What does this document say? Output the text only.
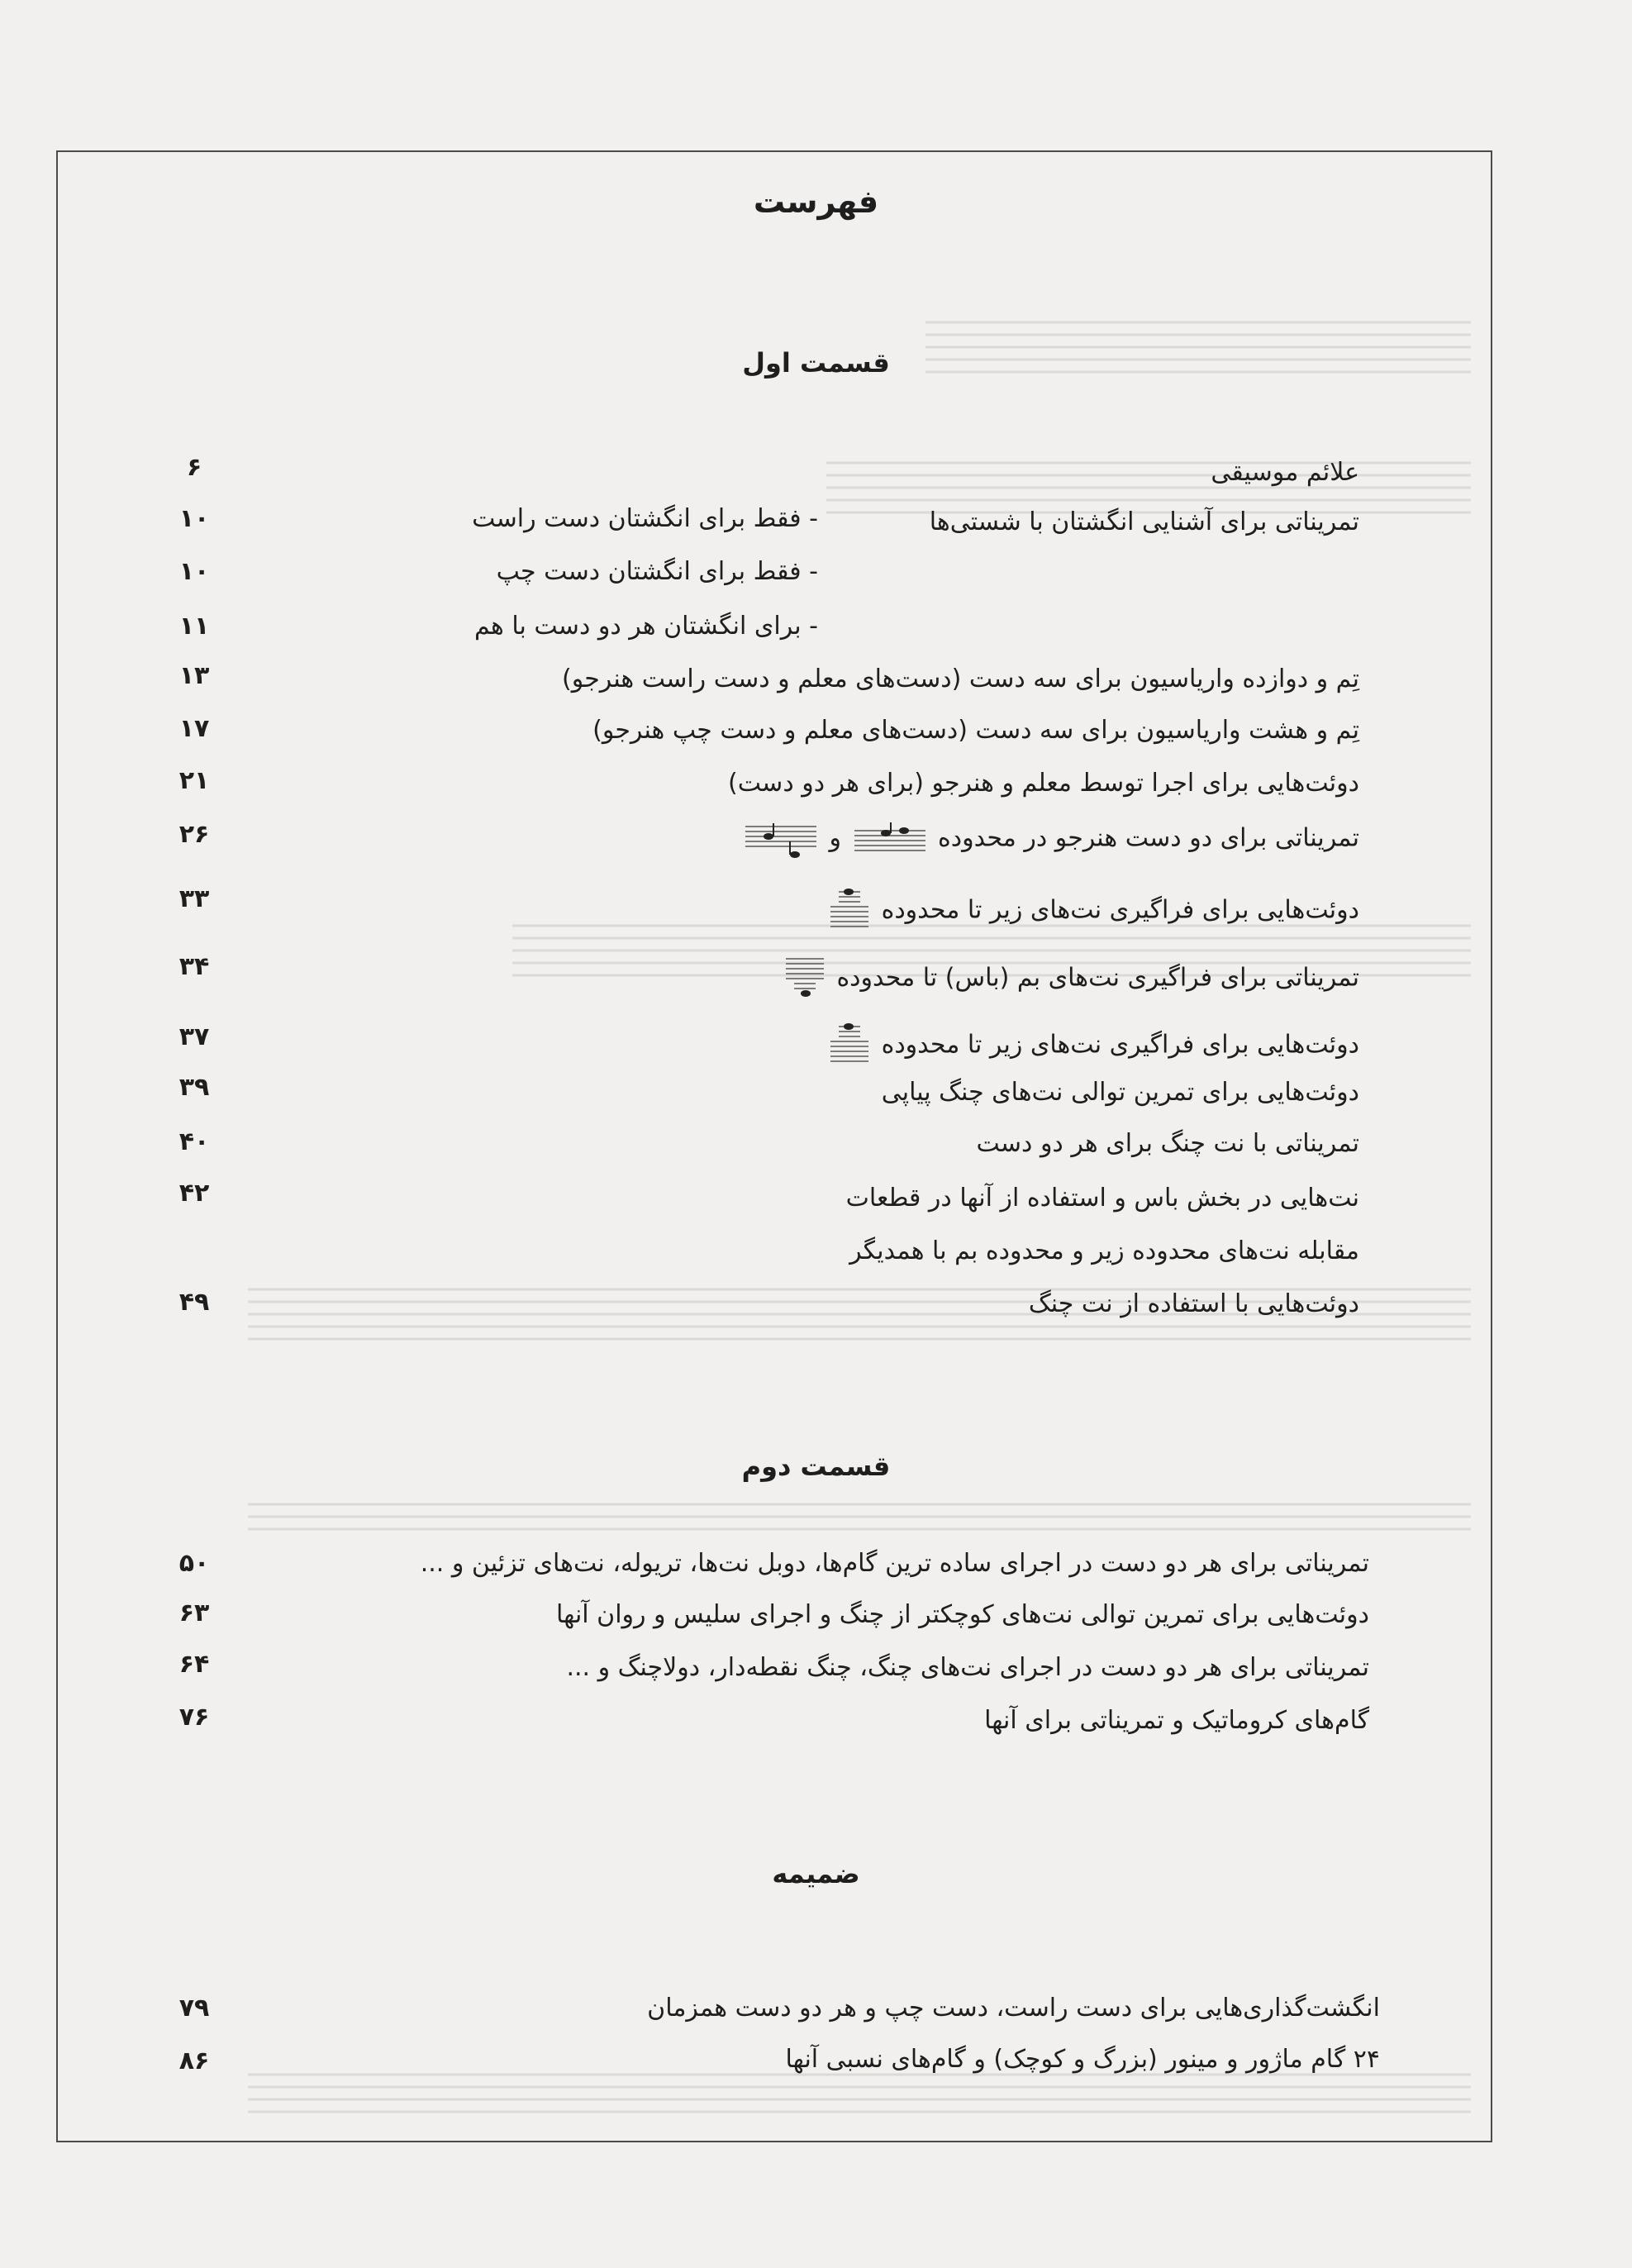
فهرست
قسمت اول
علائم موسیقی
۶
تمریناتی برای آشنایی انگشتان با شستی‌ها
- فقط برای انگشتان دست راست
۱۰
- فقط برای انگشتان دست چپ
۱۰
- برای انگشتان هر دو دست با هم
۱۱
تِم و دوازده واریاسیون برای سه دست (دست‌های معلم و دست راست هنرجو)
۱۳
تِم و هشت واریاسیون برای سه دست (دست‌های معلم و دست چپ هنرجو)
۱۷
دوئت‌هایی برای اجرا توسط معلم و هنرجو (برای هر دو دست)
۲۱
تمریناتی برای دو دست هنرجو در محدوده  و
۲۶
دوئت‌هایی برای فراگیری نت‌های زیر تا محدوده
۳۳
تمریناتی برای فراگیری نت‌های بم (باس) تا محدوده
۳۴
دوئت‌هایی برای فراگیری نت‌های زیر تا محدوده
۳۷
دوئت‌هایی برای تمرین توالی نت‌های چنگ پیاپی
۳۹
تمریناتی با نت چنگ برای هر دو دست
۴۰
نت‌هایی در بخش باس و استفاده از آنها در قطعات
۴۲
مقابله نت‌های محدوده زیر و محدوده بم با همدیگر
دوئت‌هایی با استفاده از نت چنگ
۴۹
قسمت دوم
تمریناتی برای هر دو دست در اجرای ساده ترین گام‌ها، دوبل نت‌ها، تریوله، نت‌های تزئین و ...
۵۰
دوئت‌هایی برای تمرین توالی نت‌های کوچکتر از چنگ و اجرای سلیس و روان آنها
۶۳
تمریناتی برای هر دو دست در اجرای نت‌های چنگ، چنگ نقطه‌دار، دولاچنگ و ...
۶۴
گام‌های کروماتیک و تمریناتی برای آنها
۷۶
ضمیمه
انگشت‌گذاری‌هایی برای دست راست، دست چپ و هر دو دست همزمان
۷۹
۲۴ گام ماژور و مینور (بزرگ و کوچک) و گام‌های نسبی آنها
۸۶
